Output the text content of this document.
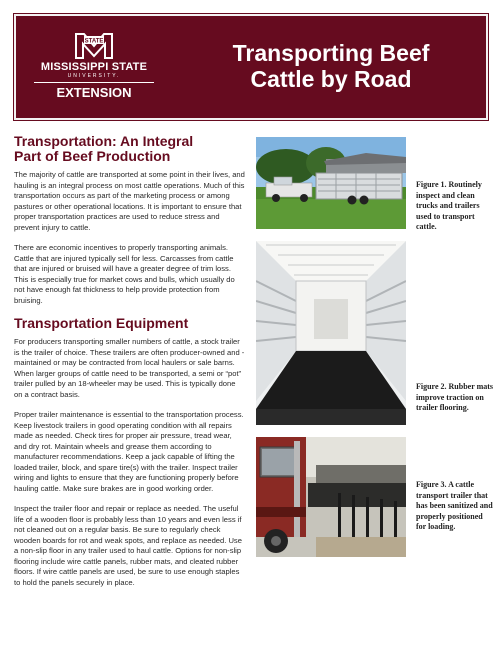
STATE
MISSISSIPPI STATE
UNIVERSITY.
EXTENSION
Transporting Beef
Cattle by Road
Transportation: An Integral
Part of Beef Production

The majority of cattle are transported at some point in their lives, and hauling is an integral process on most cattle operations. Much of this transportation occurs as part of the marketing process or among pastures or other operational locations. It is important to ensure that proper transportation practices are used to reduce stress and prevent injury to cattle.

There are economic incentives to properly transporting animals. Cattle that are injured typically sell for less. Carcasses from cattle that are injured or bruised will have a greater degree of trim loss. This is especially true for market cows and bulls, which usually do not have enough fat thickness to help provide protection from bruising.

Transportation Equipment

For producers transporting smaller numbers of cattle, a stock trailer is the trailer of choice. These trailers are often producer-owned and -maintained or may be contracted from local haulers or sale barns. When larger groups of cattle need to be transported, a semi or “pot” trailer pulled by an 18-wheeler may be used. This is typically done on a contract basis.

Proper trailer maintenance is essential to the transportation process. Keep livestock trailers in good operating condition with all repairs made as needed. Check tires for proper air pressure, tread wear, and dry rot. Maintain wheels and grease them according to manufacturer recommendations. Keep a jack capable of lifting the loaded trailer, block, and spare tire(s) with the trailer. Inspect trailer wiring and lights to ensure that they are functioning properly before hauling cattle. Make sure brakes are in good working order.

Inspect the trailer floor and repair or replace as needed. The useful life of a wooden floor is probably less than 10 years and even less if not cleaned out on a regular basis. Be sure to regularly check wooden boards for rot and weak spots, and replace as needed. Use a non-slip floor in any trailer used to haul cattle. Options for non-slip flooring include wire cattle panels, rubber mats, and cleated rubber floors. If wire cattle panels are used, be sure to use enough staples to hold the panels securely in place.

Figure 1. Routinely inspect and clean trucks and trailers used to transport cattle.
Figure 2. Rubber mats improve traction on trailer flooring.
Figure 3. A cattle transport trailer that has been sanitized and properly positioned for loading.
